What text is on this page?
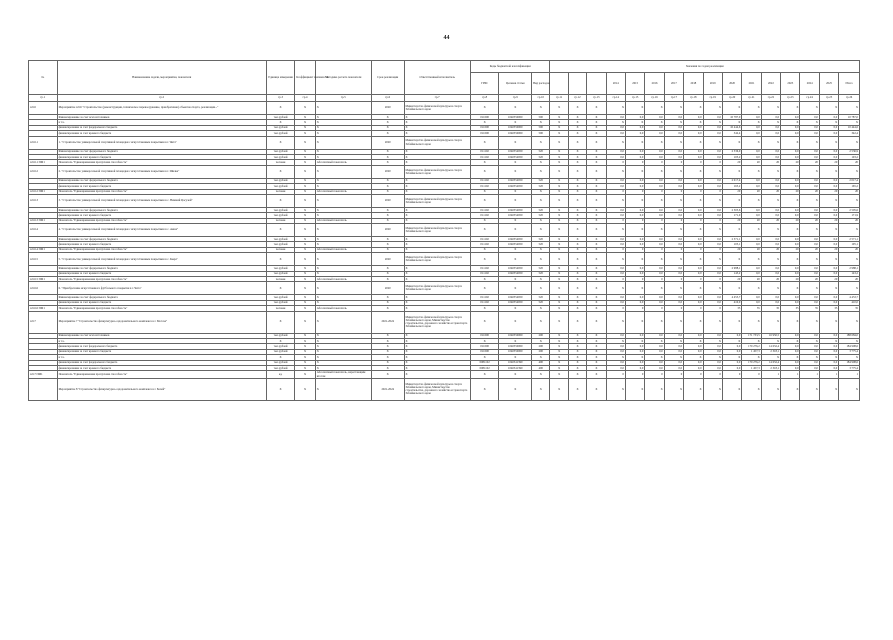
44
№	Наименование задачи, мероприятия, показателя	Единица измерения	Коэффициент значимости	Методика расчета показателя	Срок реализации	Ответственный исполнитель	Коды бюджетной классификации			Значения по годам реализации															
							ГРБС	Целевая статья	Вид расходов				2014	2015	2016	2017	2018	2019	2020	2021	2022	2023	2024	2025	Итого
гр.1	гр.2	гр.3	гр.4	гр.5	гр.6	гр.7	гр.8	гр.9	гр.10	гр.11	гр.12	гр.13	гр.14	гр.15	гр.16	гр.17	гр.18	гр.19	гр.20	гр.21	гр.22	гр.23	гр.24	гр.25	гр.26
4.9.6	Мероприятие 4.9.6 "Строительство (реконструкция, техническое перевооружение, приобретение) объектов спорта, реализация..."	X	X	X	2020	Министерство физической культуры и спорта Забайкальского края	X	X	X	X	X	X	X	X	X	X	X	X	X	X	X	X	X	X	X
	Финансирование за счет всех источников	тыс.рублей	X	X	X	X	011000	1040550000	500	X	X	X	0,0	0,0	0,0	0,0	0,0	0,0	10 787,0	0,0	0,0	0,0	0,0	0,0	10 787,0
	в т.ч.	X	X	X	X	X	X	X	X	X	X	X	X	X	X	X	X	X	X	X	X	X	X	X	X
	финансирование за счет федерального бюджета	тыс.рублей	X	X	X	X	011000	1040550000	500	X	X	X	0,0	0,0	0,0	0,0	0,0	0,0	10 444,6	0,0	0,0	0,0	0,0	0,0	10 444,6
	финансирование за счет краевого бюджета	тыс.рублей	X	X	X	X	011000	1040550000	500	X	X	X	0,0	0,0	0,0	0,0	0,0	0,0	342,4	0,0	0,0	0,0	0,0	0,0	342,4
4.9.6.1	1. "Строительство универсальной спортивной площадки с искусственным покрытием в г. Чита"	X	X	X	2020	Министерство физической культуры и спорта Забайкальского края	X	X	X	X	X	X	X	X	X	X	X	X	X	X	X	X	X	X	X
	Финансирование за счет федерального бюджета	тыс.рублей	X	X	X	X	011102	1040554950	520	X	X	X	0,0	0,0	0,0	0,0	0,0	0,0	2 536,9	0,0	0,0	0,0	0,0	0,0	2 536,9
	финансирование за счет краевого бюджета	тыс.рублей	X	X	X	X	011102	1040554950	520	X	X	X	0,0	0,0	0,0	0,0	0,0	0,0	103,2	0,0	0,0	0,0	0,0	0,0	103,2
4.9.6.1 ПМ1	Показатель "Единовременная пропускная способность"	человек	X	Абсолютный показатель	X	X	X	X	X	X	X	X	0	0	0	0	0	0	20	20	20	20	20	20	20
4.9.6.2	2. "Строительство универсальной спортивной площадки с искусственным покрытием в г. Шилка"	X	X	X	2020	Министерство физической культуры и спорта Забайкальского края	X	X	X	X	X	X	X	X	X	X	X	X	X	X	X	X	X	X	X
	Финансирование за счет федерального бюджета	тыс.рублей	X	X	X	X	011102	1040554950	520	X	X	X	0,0	0,0	0,0	0,0	0,0	0,0	2 017,4	0,0	0,0	0,0	0,0	0,0	2 017,4
	финансирование за счет краевого бюджета	тыс.рублей	X	X	X	X	011102	1040554950	520	X	X	X	0,0	0,0	0,0	0,0	0,0	0,0	165,2	0,0	0,0	0,0	0,0	0,0	165,2
4.9.6.2 ПМ1	Показатель "Единовременная пропускная способность"	человек	X	Абсолютный показатель	X	X	X	X	X	X	X	X	0	0	0	0	0	0	20	20	20	20	20	20	20
4.9.6.3	3. "Строительство универсальной спортивной площадки с искусственным покрытием в с. Нижний Цасучей"	X	X	X	2020	Министерство физической культуры и спорта Забайкальского края	X	X	X	X	X	X	X	X	X	X	X	X	X	X	X	X	X	X	X
	Финансирование за счет федерального бюджета	тыс.рублей	X	X	X	X	011102	1040554950	520	X	X	X	0,0	0,0	0,0	0,0	0,0	0,0	2 505,6	0,0	0,0	0,0	0,0	0,0	2 505,6
	финансирование за счет краевого бюджета	тыс.рублей	X	X	X	X	011102	1040554950	520	X	X	X	0,0	0,0	0,0	0,0	0,0	0,0	171,9	0,0	0,0	0,0	0,0	0,0	171,9
4.9.6.3 ПМ1	Показатель "Единовременная пропускная способность"	человек	X	Абсолютный показатель	X	X	X	X	X	X	X	X	0	0	0	0	0	0	20	20	20	20	20	20	20
4.9.6.4	4. "Строительство универсальной спортивной площадки с искусственным покрытием в с. Акша"	X	X	X	2020	Министерство физической культуры и спорта Забайкальского края	X	X	X	X	X	X	X	X	X	X	X	X	X	X	X	X	X	X	X
	Финансирование за счет федерального бюджета	тыс.рублей	X	X	X	X	011102	1040554950	520	X	X	X	0,0	0,0	0,0	0,0	0,0	0,0	2 571,1	0,0	0,0	0,0	0,0	0,0	2 571,1
	финансирование за счет краевого бюджета	тыс.рублей	X	X	X	X	011102	1040554950	520	X	X	X	0,0	0,0	0,0	0,0	0,0	0,0	105,1	0,0	0,0	0,0	0,0	0,0	105,1
4.9.6.4 ПМ1	Показатель "Единовременная пропускная способность"	человек	X	Абсолютный показатель	X	X	X	X	X	X	X	X	0	0	0	0	0	0	20	20	20	20	20	20	20
4.9.6.5	5. "Строительство универсальной спортивной площадки с искусственным покрытием в с. Кыра"	X	X	X	2020	Министерство физической культуры и спорта Забайкальского края	X	X	X	X	X	X	X	X	X	X	X	X	X	X	X	X	X	X	X
	Финансирование за счет федерального бюджета	тыс.рублей	X	X	X	X	011102	1040554950	520	X	X	X	0,0	0,0	0,0	0,0	0,0	0,0	2 988,1	0,0	0,0	0,0	0,0	0,0	2 988,1
	финансирование за счет краевого бюджета	тыс.рублей	X	X	X	X	011102	1040554950	520	X	X	X	0,0	0,0	0,0	0,0	0,0	0,0	143,2	0,0	0,0	0,0	0,0	0,0	143,2
4.9.6.5 ПМ1	Показатель "Единовременная пропускная способность"	человек	X	Абсолютный показатель	X	X	X	X	X	X	X	X	0	0	0	0	0	0	20	20	20	20	20	20	20
4.9.6.6	6. "Приобретение искусственного футбольного покрытия в г. Чита"	X	X	X	2020	Министерство физической культуры и спорта Забайкальского края	X	X	X	X	X	X	X	X	X	X	X	X	X	X	X	X	X	X	X
	Финансирование за счет федерального бюджета	тыс.рублей	X	X	X	X	011102	1040554950	520	X	X	X	0,0	0,0	0,0	0,0	0,0	0,0	4 453,7	0,0	0,0	0,0	0,0	0,0	4 453,7
	финансирование за счет краевого бюджета	тыс.рублей	X	X	X	X	011102	1040554950	520	X	X	X	0,0	0,0	0,0	0,0	0,0	0,0	410,0	0,0	0,0	0,0	0,0	0,0	410,0
4.9.6.6 ПМ1	Показатель "Единовременная пропускная способность"	человек	X	Абсолютный показатель	X	X	X	X	X	X	X	X	0	0	0	0	0	0	35	35	35	35	35	35	35
4.9.7	Мероприятие 7 "Строительство физкультурно-оздоровительного комплекса в г. Могоча"	X	X	X	2021-2024	Министерство физической культуры и спорта Забайкальского края, Министерство строительства, дорожного хозяйства и транспорта Забайкальского края	X	X	X	X	X	X	X	X	X	X	X	X	X	X	X	X	X	X	X
	Финансирование за счет всех источников	тыс.рублей	X	X	X	X	011000	1040550000	200	X	X	X	0,0	0,0	0,0	0,0	0,0	0,0	0,0	171 733,5	16 950,5	0,0	0,0	0,0	188 684,0
	в т.ч.	X	X	X	X	X	X	X	X	X	X	X	X	X	X	X	X	X	X	X	X	X	X	X	X
	финансирование за счет федерального бюджета	тыс.рублей	X	X	X	X	011000	1040550000	200	X	X	X	0,0	0,0	0,0	0,0	0,0	0,0	0,0	170 276,2	14 632,4	0,0	0,0	0,0	184 908,6
	финансирование за счет краевого бюджета	тыс.рублей	X	X	X	X	011000	1040550000	200	X	X	X	0,0	0,0	0,0	0,0	0,0	0,0	0,0	1 457,3	2 318,1	0,0	0,0	0,0	3 775,4
	в т.ч.	X	X	X	X	X	X	X	X	X	X	X	X	X	X	X	X	X	X	X	X	X	X	X	X
	финансирование за счет федерального бюджета	тыс.рублей	X	X	X	X	0081102	1040541390	400	X	X	X	0,0	0,0	0,0	0,0	0,0	0,0	0,0	170 276,2	14 632,4	0,0	0,0	0,0	184 908,6
	финансирование за счет краевого бюджета	тыс.рублей	X	X	X	X	0081102	1040541390	400	X	X	X	0,0	0,0	0,0	0,0	0,0	0,0	0,0	1 457,3	2 318,1	0,0	0,0	0,0	3 775,4
4.9.7 ПМ1	Показатель "Единовременная пропускная способность"	ед.	X	Абсолютный показатель, нарастающим итогом	X	X	X	X	X	X	X	X	0	0	0	0	0	0	0	0	1	1	1	1	1
	Мероприятие 8 "Строительство физкультурно-оздоровительного комплекса в г. Балей"	X	X	X	2021-2024	Министерство физической культуры и спорта Забайкальского края, Министерство строительства, дорожного хозяйства и транспорта Забайкальского края	X	X	X	X	X	X	X	X	X	X	X	X	X	X	X	X	X	X	X
